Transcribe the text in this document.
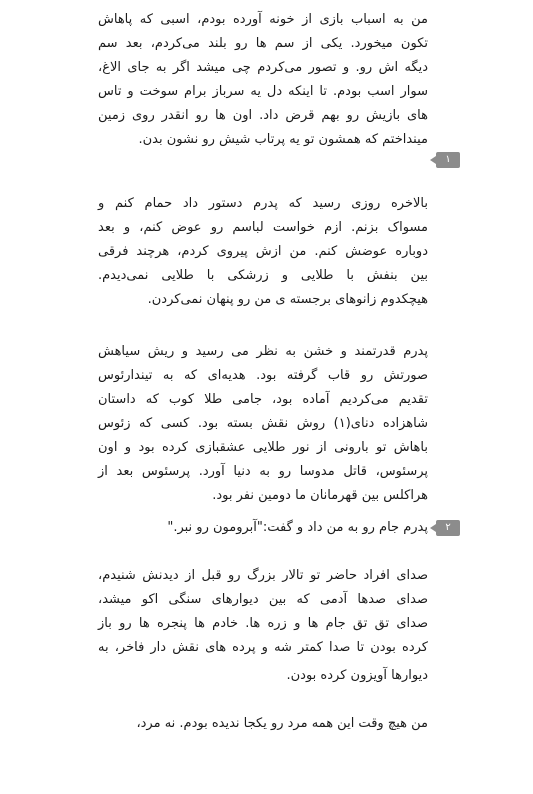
من به اسباب بازی از خونه آورده بودم، اسبی که پاهاش
تکون میخورد. یکی از سم ها رو بلند می‌کردم، بعد سم
دیگه اش رو. و تصور می‌کردم چی میشد اگر به جای الاغ،
سوار اسب بودم. تا اینکه دل یه سرباز برام سوخت و تاس
های بازیش رو بهم قرض داد. اون ها رو انقدر روی زمین
مینداختم که همشون تو یه پرتاب شیش رو نشون بدن.
۱
بالاخره روزی رسید که پدرم دستور داد حمام کنم و
مسواک بزنم. ازم خواست لباسم رو عوض کنم، و بعد
دوباره عوضش کنم. من ازش پیروی کردم، هرچند فرقی
بین بنفش با طلایی و زرشکی با طلایی نمی‌دیدم.
هیچکدوم زانوهای برجسته ی من رو پنهان نمی‌کردن.
پدرم قدرتمند و خشن به نظر می رسید و ریش سیاهش
صورتش رو قاب گرفته بود. هدیه‌ای که به تیندارئوس
تقدیم می‌کردیم آماده بود، جامی طلا کوب که داستان
شاهزاده دنای(۱) روش نقش بسته بود. کسی که زئوس
باهاش تو بارونی از نور طلایی عشقبازی کرده بود و اون
پرسئوس، قاتل مدوسا رو به دنیا آورد. پرسئوس بعد از
هراکلس بین قهرمانان ما دومین نفر بود.
پدرم جام رو به من داد و گفت:"آبرومون رو نبر."	۲
صدای افراد حاضر تو تالار بزرگ رو قبل از دیدنش شنیدم،
صدای صدها آدمی که بین دیوارهای سنگی اکو میشد،
صدای تق تق جام ها و زره ها. خادم ها پنجره ها رو باز
کرده بودن تا صدا کمتر شه و پرده های نقش دار فاخر، به
دیوارها آویزون کرده بودن.
من هیچ وقت این همه مرد رو یکجا ندیده بودم. نه مرد،
